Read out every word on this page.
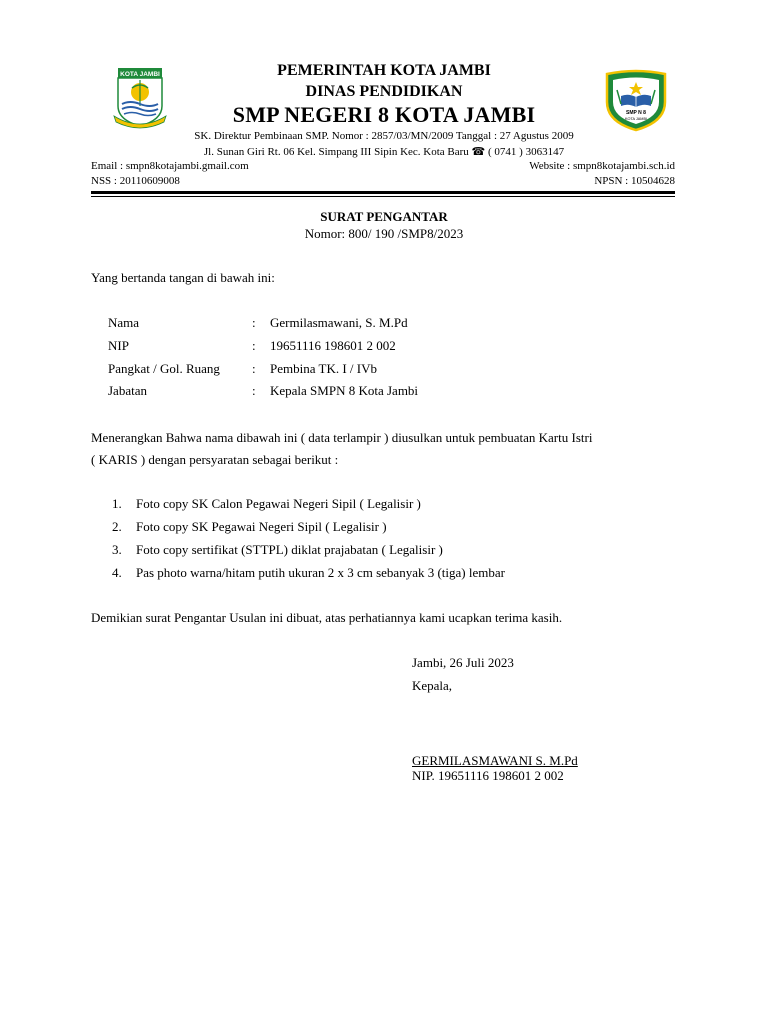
KOTA JAMBI
SMP N 8
KOTA JAMBI
PEMERINTAH KOTA JAMBI
DINAS PENDIDIKAN
SMP NEGERI 8 KOTA JAMBI
SK. Direktur Pembinaan SMP. Nomor : 2857/03/MN/2009 Tanggal : 27 Agustus 2009
Jl. Sunan Giri Rt. 06 Kel. Simpang III Sipin Kec. Kota Baru ☎ ( 0741 ) 3063147
Email : smpn8kotajambi.gmail.com	Website : smpn8kotajambi.sch.id
NSS : 20110609008	NPSN : 10504628
SURAT PENGANTAR
Nomor: 800/ 190 /SMP8/2023
Yang bertanda tangan di bawah ini:
Nama	: Germilasmawani, S. M.Pd
NIP	: 19651116 198601 2 002
Pangkat / Gol. Ruang : Pembina TK. I / IVb
Jabatan	: Kepala SMPN 8 Kota Jambi
Menerangkan Bahwa nama dibawah ini ( data terlampir ) diusulkan untuk pembuatan Kartu Istri
( KARIS ) dengan persyaratan sebagai berikut :
1. Foto copy SK Calon Pegawai Negeri Sipil ( Legalisir )
2. Foto copy SK Pegawai Negeri Sipil ( Legalisir )
3. Foto copy sertifikat (STTPL) diklat prajabatan ( Legalisir )
4. Pas photo warna/hitam putih ukuran 2 x 3 cm sebanyak 3 (tiga) lembar
Demikian surat Pengantar Usulan ini dibuat, atas perhatiannya kami ucapkan terima kasih.
Jambi, 26 Juli 2023
Kepala,
GERMILASMAWANI S. M.Pd
NIP. 19651116 198601 2 002
